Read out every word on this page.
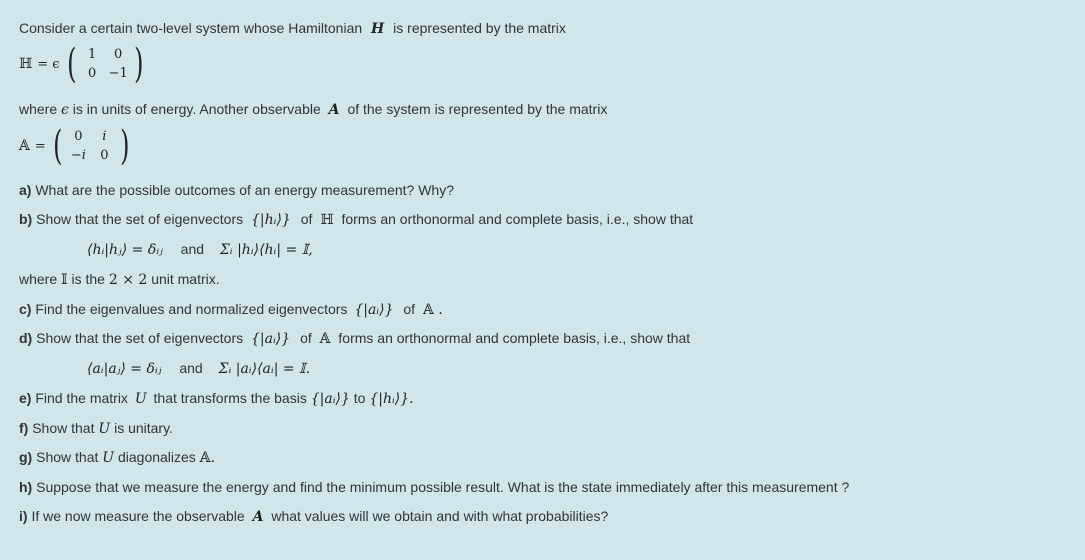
Consider a certain two-level system whose Hamiltonian H is represented by the matrix
ℍ = ϵ ( 1	0
0 −1 )
where ϵ is in units of energy. Another observable A of the system is represented by the matrix
𝔸 = ( 0	i
−i	0 )
a) What are the possible outcomes of an energy measurement? Why?
b) Show that the set of eigenvectors {|hᵢ⟩} of ℍ forms an orthonormal and complete basis, i.e., show that
⟨hᵢ|hⱼ⟩ = δᵢⱼ and Σᵢ |hᵢ⟩⟨hᵢ| = 𝕀,
where 𝕀 is the 2 × 2 unit matrix.
c) Find the eigenvalues and normalized eigenvectors {|aᵢ⟩} of 𝔸 .
d) Show that the set of eigenvectors {|aᵢ⟩} of 𝔸 forms an orthonormal and complete basis, i.e., show that
⟨aᵢ|aⱼ⟩ = δᵢⱼ and Σᵢ |aᵢ⟩⟨aᵢ| = 𝕀.
e) Find the matrix U that transforms the basis {|aᵢ⟩} to {|hᵢ⟩}.
f) Show that U is unitary.
g) Show that U diagonalizes 𝔸.
h) Suppose that we measure the energy and find the minimum possible result. What is the state immediately after this measurement ?
i) If we now measure the observable A what values will we obtain and with what probabilities?
